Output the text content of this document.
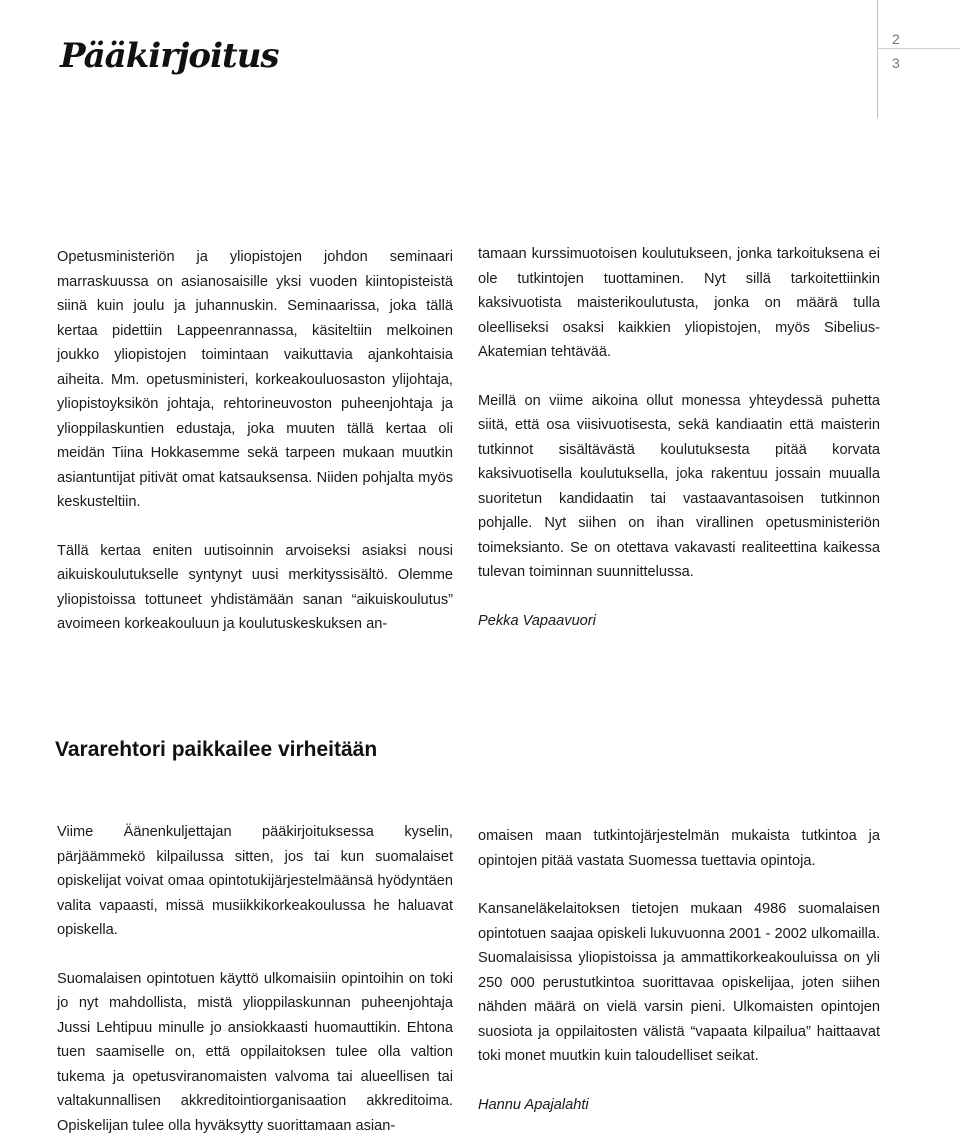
Pääkirjoitus	2
3

Opetusministeriön ja yliopistojen johdon seminaari marraskuussa on asianosaisille yksi vuoden kiintopisteistä siinä kuin joulu ja juhannuskin. Seminaarissa, joka tällä kertaa pidettiin Lappeenrannassa, käsiteltiin melkoinen joukko yliopistojen toimintaan vaikuttavia ajankohtaisia aiheita. Mm. opetusministeri, korkeakouluosaston ylijohtaja, yliopistoyksikön johtaja, rehtorineuvoston puheenjohtaja ja ylioppilaskuntien edustaja, joka muuten tällä kertaa oli meidän Tiina Hokkasemme sekä tarpeen mukaan muutkin asiantuntijat pitivät omat katsauksensa. Niiden pohjalta myös keskusteltiin.

Tällä kertaa eniten uutisoinnin arvoiseksi asiaksi nousi aikuiskoulutukselle syntynyt uusi merkityssisältö. Olemme yliopistoissa tottuneet yhdistämään sanan “aikuiskoulutus” avoimeen korkeakouluun ja koulutuskeskuksen an-

tamaan kurssimuotoisen koulutukseen, jonka tarkoituksena ei ole tutkintojen tuottaminen. Nyt sillä tarkoitettiinkin kaksivuotista maisterikoulutusta, jonka on määrä tulla oleelliseksi osaksi kaikkien yliopistojen, myös Sibelius-Akatemian tehtävää.

Meillä on viime aikoina ollut monessa yhteydessä puhetta siitä, että osa viisivuotisesta, sekä kandiaatin että maisterin tutkinnot sisältävästä koulutuksesta pitää korvata kaksivuotisella koulutuksella, joka rakentuu jossain muualla suoritetun kandidaatin tai vastaavantasoisen tutkinnon pohjalle. Nyt siihen on ihan virallinen opetusministeriön toimeksianto. Se on otettava vakavasti realiteettina kaikessa tulevan toiminnan suunnittelussa.

Pekka Vapaavuori

Vararehtori paikkailee virheitään

Viime Äänenkuljettajan pääkirjoituksessa kyselin, pärjäämmekö kilpailussa sitten, jos tai kun suomalaiset opiskelijat voivat omaa opintotukijärjestelmäänsä hyödyntäen valita vapaasti, missä musiikkikorkeakoulussa he haluavat opiskella.

Suomalaisen opintotuen käyttö ulkomaisiin opintoihin on toki jo nyt mahdollista, mistä ylioppilaskunnan puheenjohtaja Jussi Lehtipuu minulle jo ansiokkaasti huomauttikin. Ehtona tuen saamiselle on, että oppilaitoksen tulee olla valtion tukema ja opetusviranomaisten valvoma tai alueellisen tai valtakunnallisen akkreditointiorganisaation akkreditoima. Opiskelijan tulee olla hyväksytty suorittamaan asian-

omaisen maan tutkintojärjestelmän mukaista tutkintoa ja opintojen pitää vastata Suomessa tuettavia opintoja.

Kansaneläkelaitoksen tietojen mukaan 4986 suomalaisen opintotuen saajaa opiskeli lukuvuonna 2001 - 2002 ulkomailla. Suomalaisissa yliopistoissa ja ammattikorkeakouluissa on yli 250 000 perustutkintoa suorittavaa opiskelijaa, joten siihen nähden määrä on vielä varsin pieni. Ulkomaisten opintojen suosiota ja oppilaitosten välistä “vapaata kilpailua” haittaavat toki monet muutkin kuin taloudelliset seikat.

Hannu Apajalahti
